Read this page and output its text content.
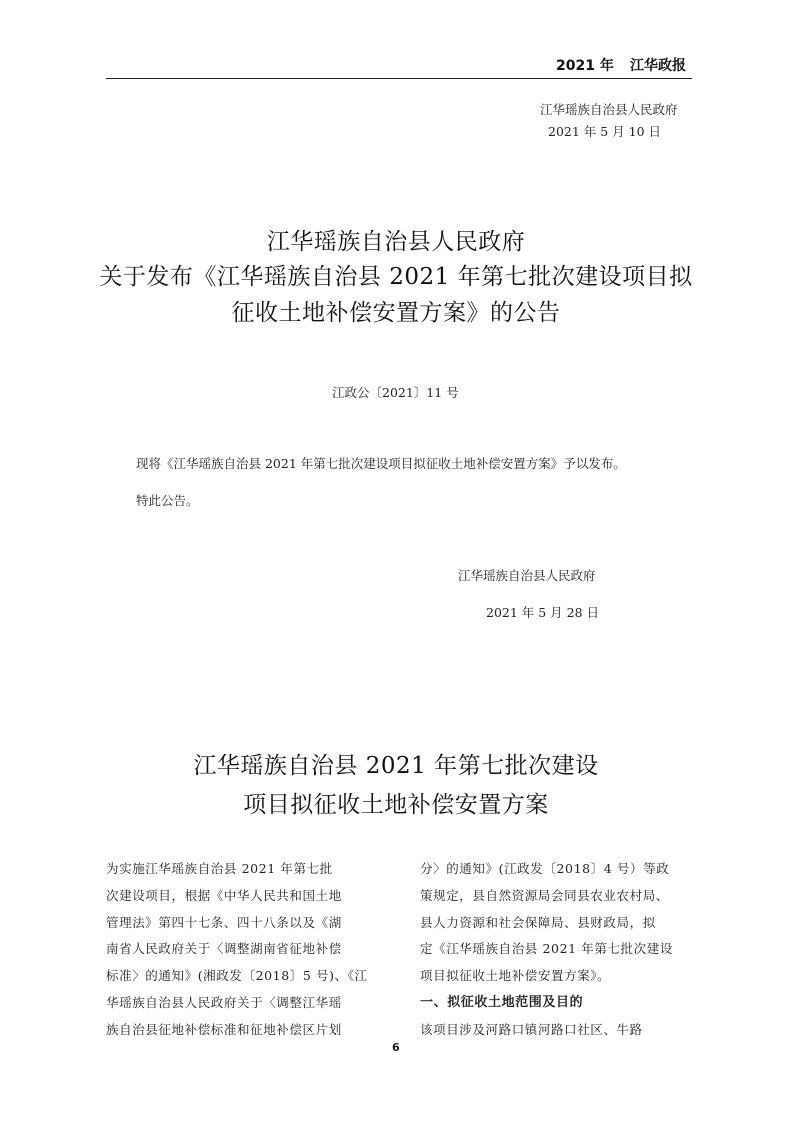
2021 年 江华政报
江华瑶族自治县人民政府
2021 年 5 月 10 日
江华瑶族自治县人民政府
关于发布《江华瑶族自治县 2021 年第七批次建设项目拟
征收土地补偿安置方案》的公告
江政公〔2021〕11 号
现将《江华瑶族自治县 2021 年第七批次建设项目拟征收土地补偿安置方案》予以发布。
特此公告。
江华瑶族自治县人民政府
2021 年 5 月 28 日
江华瑶族自治县 2021 年第七批次建设
项目拟征收土地补偿安置方案
为实施江华瑶族自治县 2021 年第七批
次建设项目，根据《中华人民共和国土地
管理法》第四十七条、四十八条以及《湖
南省人民政府关于〈调整湖南省征地补偿
标准〉的通知》(湘政发〔2018〕5 号)、《江
华瑶族自治县人民政府关于〈调整江华瑶
族自治县征地补偿标准和征地补偿区片划
分〉的通知》(江政发〔2018〕4 号）等政
策规定，县自然资源局会同县农业农村局、
县人力资源和社会保障局、县财政局，拟
定《江华瑶族自治县 2021 年第七批次建设
项目拟征收土地补偿安置方案》。
一、拟征收土地范围及目的
该项目涉及河路口镇河路口社区、牛路
6
